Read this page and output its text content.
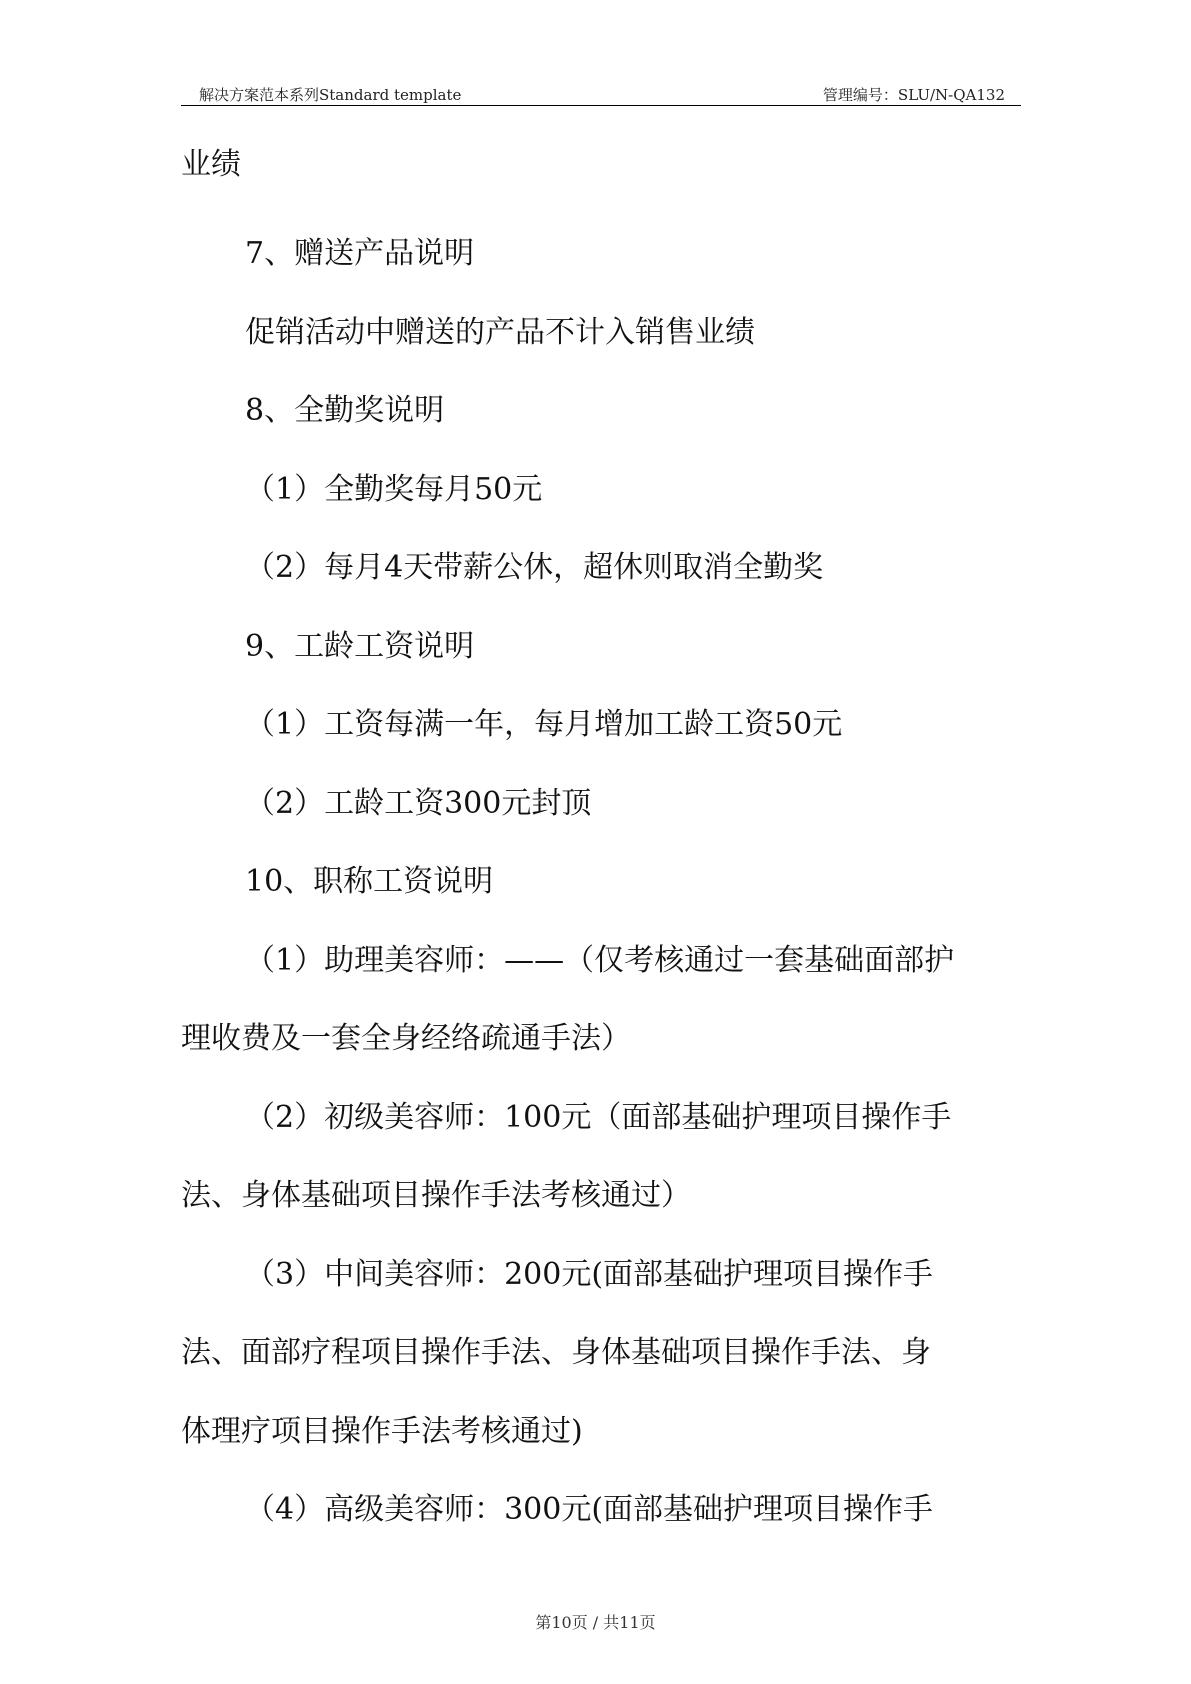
解决方案范本系列Standard template	管理编号：SLU/N-QA132
业绩
7、赠送产品说明
促销活动中赠送的产品不计入销售业绩
8、全勤奖说明
（1）全勤奖每月50元
（2）每月4天带薪公休，超休则取消全勤奖
9、工龄工资说明
（1）工资每满一年，每月增加工龄工资50元
（2）工龄工资300元封顶
10、职称工资说明
（1）助理美容师：——（仅考核通过一套基础面部护
理收费及一套全身经络疏通手法）
（2）初级美容师：100元（面部基础护理项目操作手
法、身体基础项目操作手法考核通过）
（3）中间美容师：200元(面部基础护理项目操作手
法、面部疗程项目操作手法、身体基础项目操作手法、身
体理疗项目操作手法考核通过)
（4）高级美容师：300元(面部基础护理项目操作手
第10页 / 共11页
